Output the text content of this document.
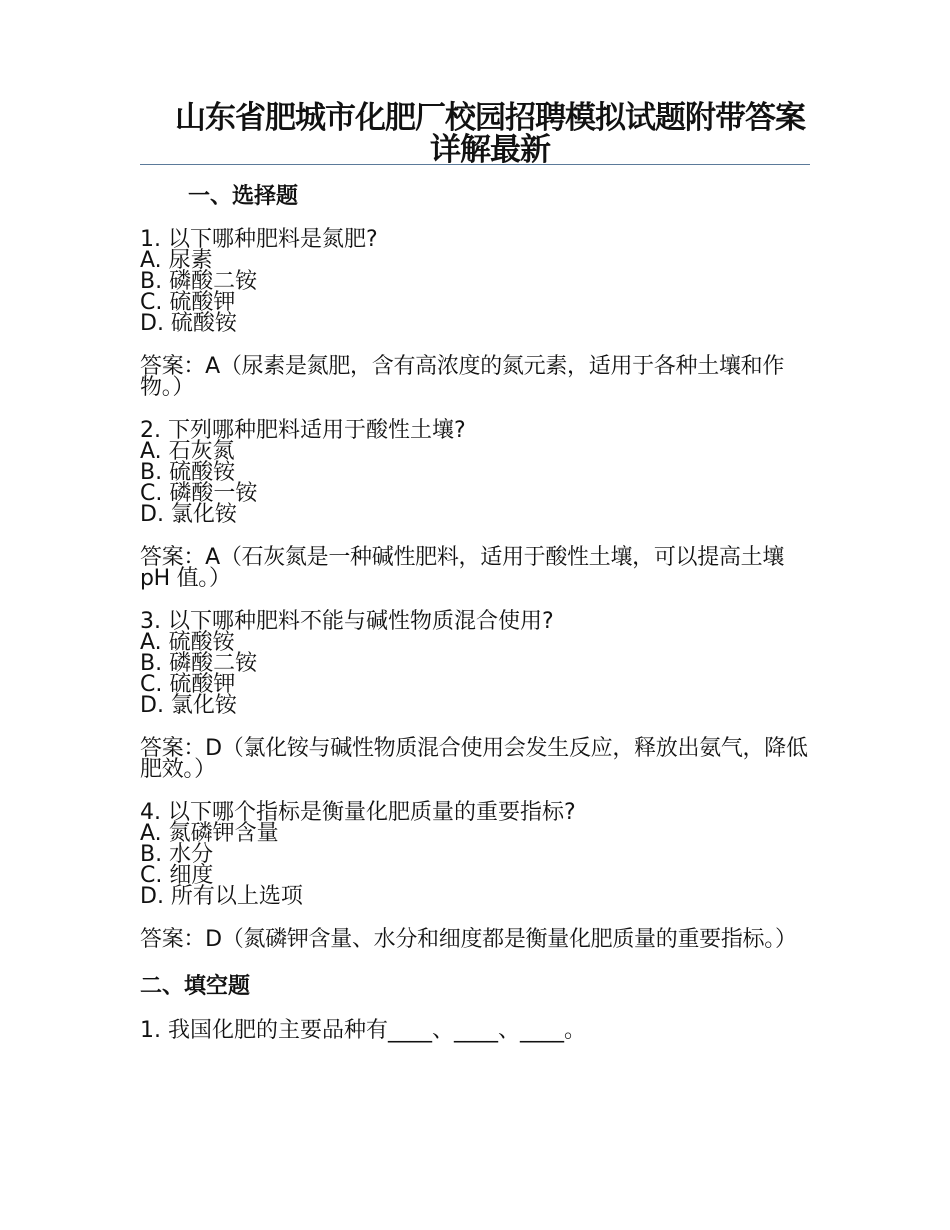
山东省肥城市化肥厂校园招聘模拟试题附带答案详解最新
一、选择题
1. 以下哪种肥料是氮肥?
A. 尿素
B. 磷酸二铵
C. 硫酸钾
D. 硫酸铵
答案：A（尿素是氮肥，含有高浓度的氮元素，适用于各种土壤和作物。）
2. 下列哪种肥料适用于酸性土壤?
A. 石灰氮
B. 硫酸铵
C. 磷酸一铵
D. 氯化铵
答案：A（石灰氮是一种碱性肥料，适用于酸性土壤，可以提高土壤 pH 值。）
3. 以下哪种肥料不能与碱性物质混合使用?
A. 硫酸铵
B. 磷酸二铵
C. 硫酸钾
D. 氯化铵
答案：D（氯化铵与碱性物质混合使用会发生反应，释放出氨气，降低肥效。）
4. 以下哪个指标是衡量化肥质量的重要指标?
A. 氮磷钾含量
B. 水分
C. 细度
D. 所有以上选项
答案：D（氮磷钾含量、水分和细度都是衡量化肥质量的重要指标。）
二、填空题
1. 我国化肥的主要品种有____、____、____。
